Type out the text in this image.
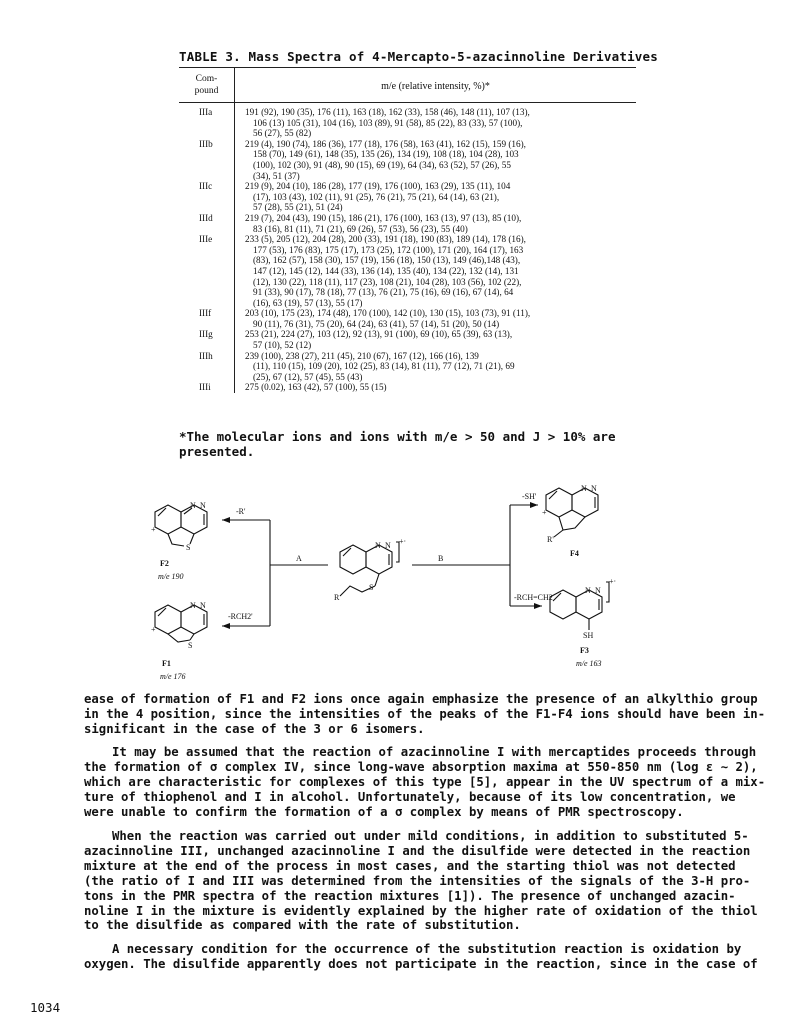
TABLE 3. Mass Spectra of 4-Mercapto-5-azacinnoline Derivatives
Com-
pound	m/e (relative intensity, %)*
IIIa	191 (92), 190 (35), 176 (11), 163 (18), 162 (33), 158 (46), 148 (11), 107 (13),
106 (13) 105 (31), 104 (16), 103 (89), 91 (58), 85 (22), 83 (33), 57 (100),
56 (27), 55 (82)
IIIb	219 (4), 190 (74), 186 (36), 177 (18), 176 (58), 163 (41), 162 (15), 159 (16),
158 (70), 149 (61), 148 (35), 135 (26), 134 (19), 108 (18), 104 (28), 103
(100), 102 (30), 91 (48), 90 (15), 69 (19), 64 (34), 63 (52), 57 (26), 55
(34), 51 (37)
IIIc	219 (9), 204 (10), 186 (28), 177 (19), 176 (100), 163 (29), 135 (11), 104
(17), 103 (43), 102 (11), 91 (25), 76 (21), 75 (21), 64 (14), 63 (21),
57 (28), 55 (21), 51 (24)
IIId	219 (7), 204 (43), 190 (15), 186 (21), 176 (100), 163 (13), 97 (13), 85 (10),
83 (16), 81 (11), 71 (21), 69 (26), 57 (53), 56 (23), 55 (40)
IIIe	233 (5), 205 (12), 204 (28), 200 (33), 191 (18), 190 (83), 189 (14), 178 (16),
177 (53), 176 (83), 175 (17), 173 (25), 172 (100), 171 (20), 164 (17), 163
(83), 162 (57), 158 (30), 157 (19), 156 (18), 150 (13), 149 (46),148 (43),
147 (12), 145 (12), 144 (33), 136 (14), 135 (40), 134 (22), 132 (14), 131
(12), 130 (22), 118 (11), 117 (23), 108 (21), 104 (28), 103 (56), 102 (22),
91 (33), 90 (17), 78 (18), 77 (13), 76 (21), 75 (16), 69 (16), 67 (14), 64
(16), 63 (19), 57 (13), 55 (17)
IIIf	203 (10), 175 (23), 174 (48), 170 (100), 142 (10), 130 (15), 103 (73), 91 (11),
90 (11), 76 (31), 75 (20), 64 (24), 63 (41), 57 (14), 51 (20), 50 (14)
IIIg	253 (21), 224 (27), 103 (12), 92 (13), 91 (100), 69 (10), 65 (39), 63 (13),
57 (10), 52 (12)
IIIh	239 (100), 238 (27), 211 (45), 210 (67), 167 (12), 166 (16), 139
(11), 110 (15), 109 (20), 102 (25), 83 (14), 81 (11), 77 (12), 71 (21), 69
(25), 67 (12), 57 (45), 55 (43)
IIIi	275 (0.02), 163 (42), 57 (100), 55 (15)
*The molecular ions and ions with m/e > 50 and J > 10% are
presented.
N N
+
S
F2
m/e 190
-R'
N N
+
S
F1
m/e 176
-RCH2'
A
N N +·
S
R
B
-SH'
N N
+
R'
F4
-RCH=CH2
N N
+·
SH
F3
m/e 163
ease of formation of F1 and F2 ions once again emphasize the presence of an alkylthio group
in the 4 position, since the intensities of the peaks of the F1-F4 ions should have been in-
significant in the case of the 3 or 6 isomers.
It may be assumed that the reaction of azacinnoline I with mercaptides proceeds through
the formation of σ complex IV, since long-wave absorption maxima at 550-850 nm (log ε ∼ 2),
which are characteristic for complexes of this type [5], appear in the UV spectrum of a mix-
ture of thiophenol and I in alcohol. Unfortunately, because of its low concentration, we
were unable to confirm the formation of a σ complex by means of PMR spectroscopy.
When the reaction was carried out under mild conditions, in addition to substituted 5-
azacinnoline III, unchanged azacinnoline I and the disulfide were detected in the reaction
mixture at the end of the process in most cases, and the starting thiol was not detected
(the ratio of I and III was determined from the intensities of the signals of the 3-H pro-
tons in the PMR spectra of the reaction mixtures [1]). The presence of unchanged azacin-
noline I in the mixture is evidently explained by the higher rate of oxidation of the thiol
to the disulfide as compared with the rate of substitution.
A necessary condition for the occurrence of the substitution reaction is oxidation by
oxygen. The disulfide apparently does not participate in the reaction, since in the case of
1034
